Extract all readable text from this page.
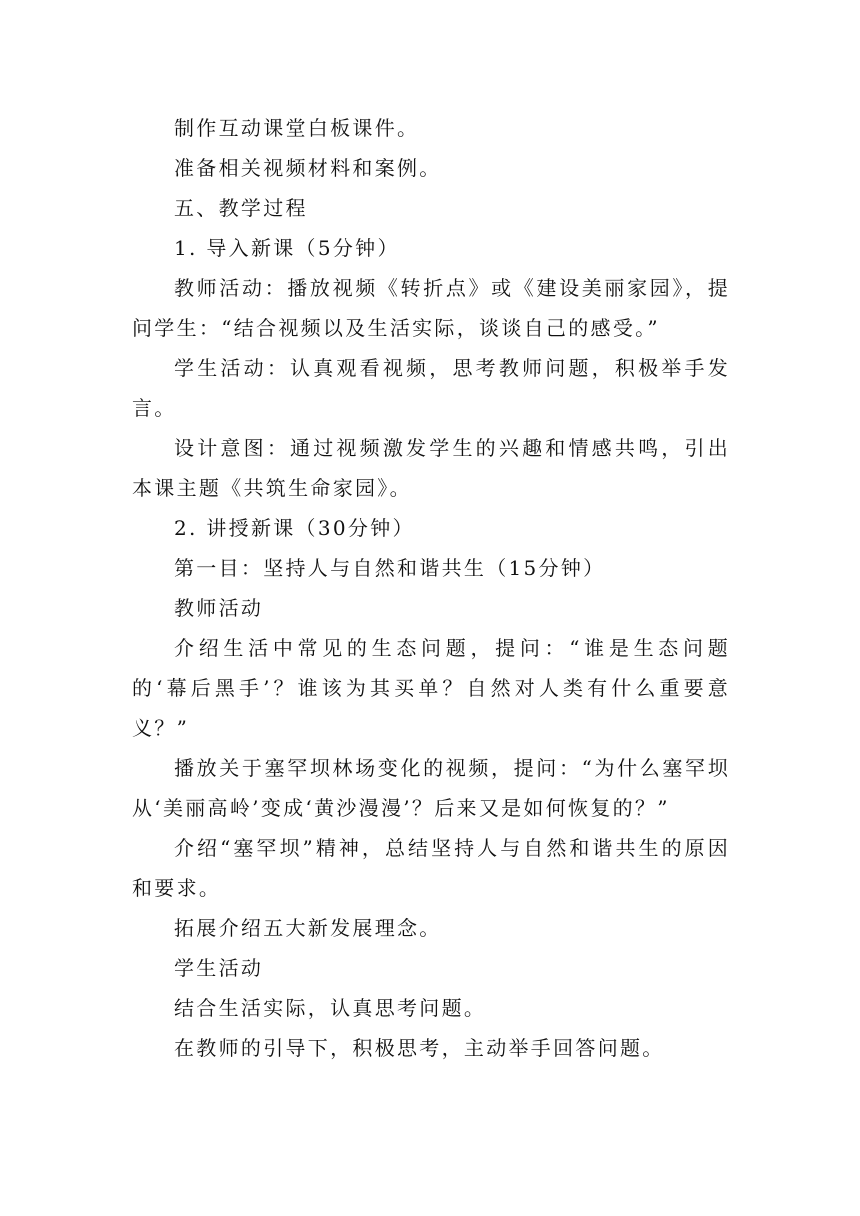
制作互动课堂白板课件。

准备相关视频材料和案例。

五、教学过程

1. 导入新课（5分钟）

教师活动：播放视频《转折点》或《建设美丽家园》，提问学生：“结合视频以及生活实际，谈谈自己的感受。”

学生活动：认真观看视频，思考教师问题，积极举手发言。

设计意图：通过视频激发学生的兴趣和情感共鸣，引出本课主题《共筑生命家园》。

2. 讲授新课（30分钟）

第一目：坚持人与自然和谐共生（15分钟）

教师活动

介绍生活中常见的生态问题，提问：“谁是生态问题的‘幕后黑手’？谁该为其买单？自然对人类有什么重要意义？”

播放关于塞罕坝林场变化的视频，提问：“为什么塞罕坝从‘美丽高岭’变成‘黄沙漫漫’？后来又是如何恢复的？”

介绍“塞罕坝”精神，总结坚持人与自然和谐共生的原因和要求。

拓展介绍五大新发展理念。

学生活动

结合生活实际，认真思考问题。

在教师的引导下，积极思考，主动举手回答问题。
